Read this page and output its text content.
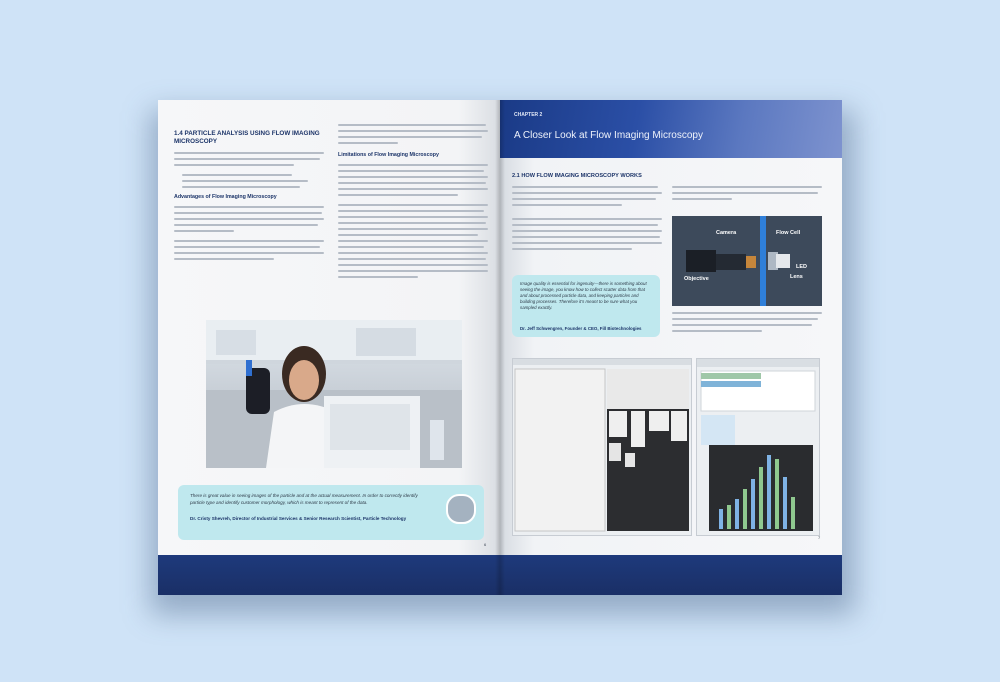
1.4 PARTICLE ANALYSIS USING FLOW IMAGING MICROSCOPY
Advantages of Flow Imaging Microscopy
Limitations of Flow Imaging Microscopy
There is great value in seeing images of the particle and at the actual measurement. In order to correctly identify particle type and identify customer morphology, which is meant to represent of the data.
Dr. Cristy Shevreh, Director of Industrial Services & Senior Research Scientist, Particle Technology
6
CHAPTER 2
A Closer Look at Flow Imaging Microscopy
2.1 HOW FLOW IMAGING MICROSCOPY WORKS
Camera	Flow Cell
Objective
LED
Lens
Image quality is essential for ingenuity—there is something about seeing the image, you know how to collect scatter data from that and about processed particle data, and keeping particles and building processes. Therefore it's meant to be sure what you sampled exactly.
Dr. Jeff Schwengren, Founder & CEO, Fill Biotechnologies
7
